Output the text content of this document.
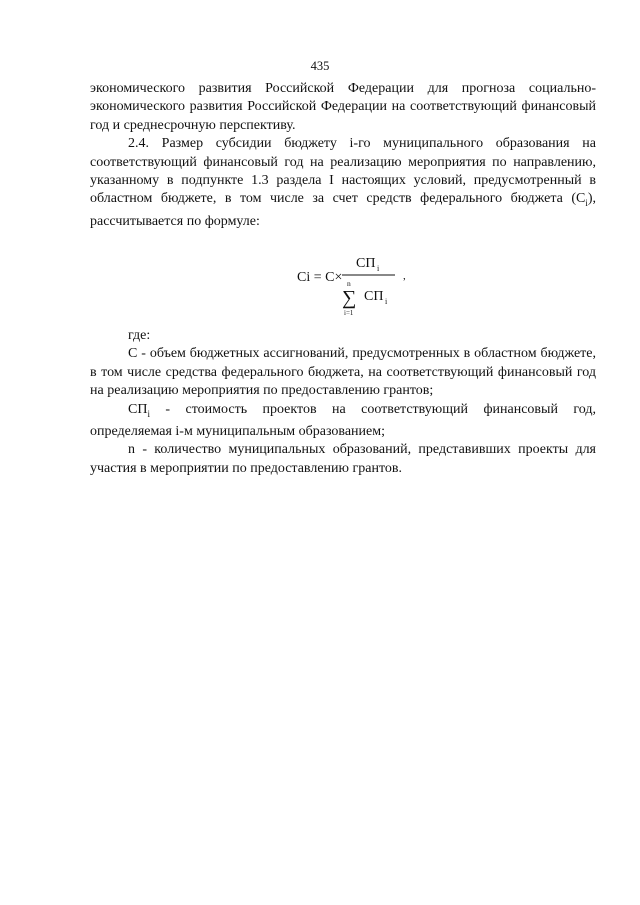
435

экономического развития Российской Федерации для прогноза социально-экономического развития Российской Федерации на соответствующий финансовый год и среднесрочную перспективу.

2.4. Размер субсидии бюджету i-го муниципального образования на соответствующий финансовый год на реализацию мероприятия по направлению, указанному в подпункте 1.3 раздела I настоящих условий, предусмотренный в областном бюджете, в том числе за счет средств федерального бюджета $(С_i)$, рассчитывается по формуле:

Ci = C×
СП i
n
∑
i=1
СП i
,

где:

С - объем бюджетных ассигнований, предусмотренных в областном бюджете, в том числе средства федерального бюджета, на соответствующий финансовый год на реализацию мероприятия по предоставлению грантов;

$СП_i$ - стоимость проектов на соответствующий финансовый год, определяемая i-м муниципальным образованием;

n - количество муниципальных образований, представивших проекты для участия в мероприятии по предоставлению грантов.
